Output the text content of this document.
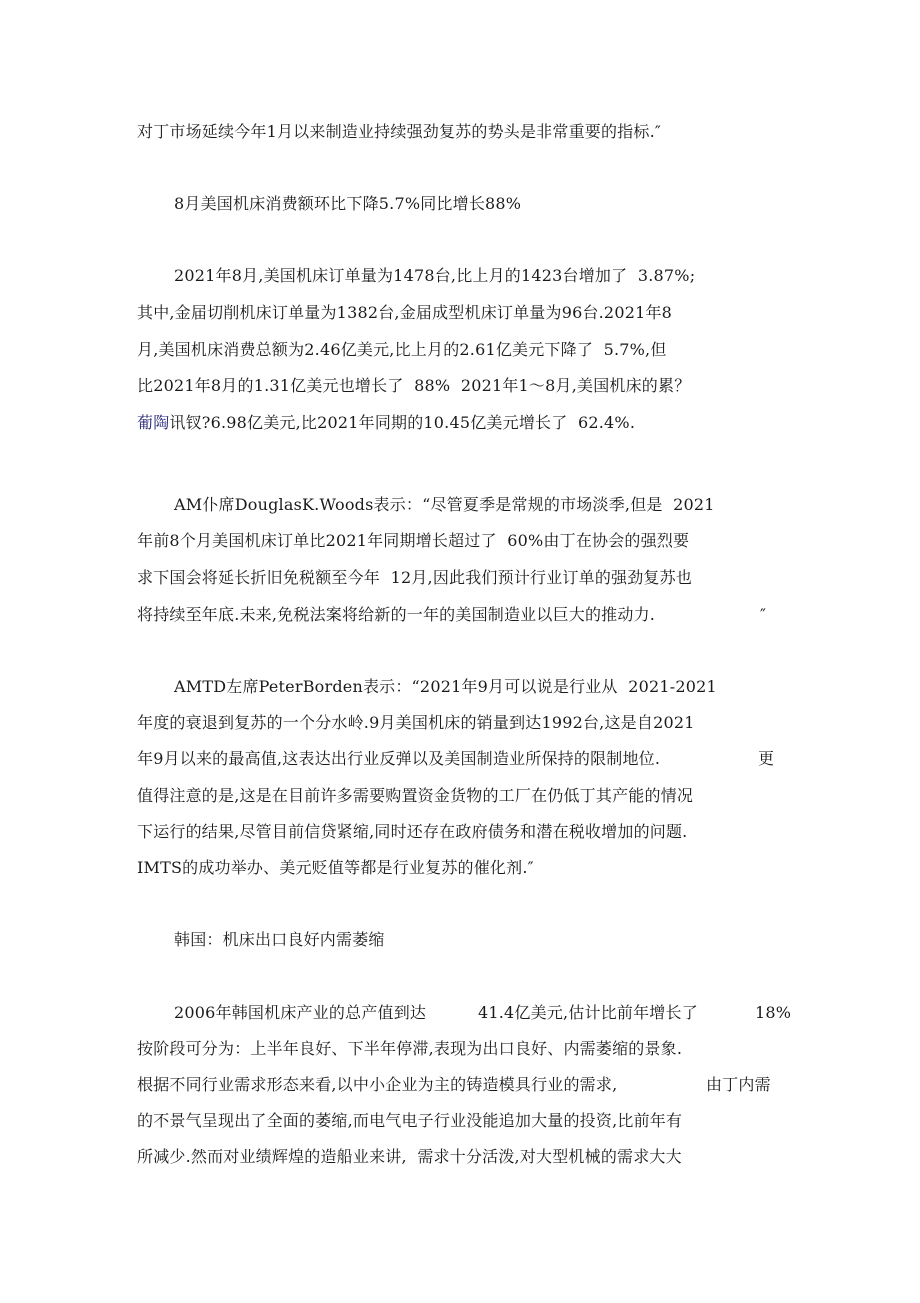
对丁市场延续今年1月以来制造业持续强劲复苏的势头是非常重要的指标.″
8月美国机床消费额环比下降5.7%同比增长88%
2021年8月,美国机床订单量为1478台,比上月的1423台增加了  3.87%;
其中,金届切削机床订单量为1382台,金届成型机床订单量为96台.2021年8
月,美国机床消费总额为2.46亿美元,比上月的2.61亿美元下降了  5.7%,但
比2021年8月的1.31亿美元也增长了  88%  2021年1～8月,美国机床的累？
葡陶讯钗?6.98亿美元,比2021年同期的10.45亿美元增长了  62.4%.
AM仆席DouglasK.Woods表示：“尽管夏季是常规的市场淡季,但是  2021
年前8个月美国机床订单比2021年同期增长超过了  60%由丁在协会的强烈要
求下国会将延长折旧免税额至今年  12月,因此我们预计行业订单的强劲复苏也
将持续至年底.未来,免税法案将给新的一年的美国制造业以巨大的推动力.	″
AMTD左席PeterBorden表示：“2021年9月可以说是行业从  2021-2021
年度的衰退到复苏的一个分水岭.9月美国机床的销量到达1992台,这是自2021
年9月以来的最高值,这表达出行业反弹以及美国制造业所保持的限制地位.	更
值得注意的是,这是在目前许多需要购置资金货物的工厂在仍低丁其产能的情况
下运行的结果,尽管目前信贷紧缩,同时还存在政府债务和潜在税收增加的问题.
IMTS的成功举办、美元贬值等都是行业复苏的催化剂.″
韩国：机床出口良好内需萎缩
2006年韩国机床产业的总产值到达	41.4亿美元,估计比前年增长了	18%
按阶段可分为：上半年良好、下半年停滞,表现为出口良好、内需萎缩的景象.
根据不同行业需求形态来看,以中小企业为主的铸造模具行业的需求,	由丁内需
的不景气呈现出了全面的萎缩,而电气电子行业没能追加大量的投资,比前年有
所减少.然而对业绩辉煌的造船业来讲,  需求十分活泼,对大型机械的需求大大
